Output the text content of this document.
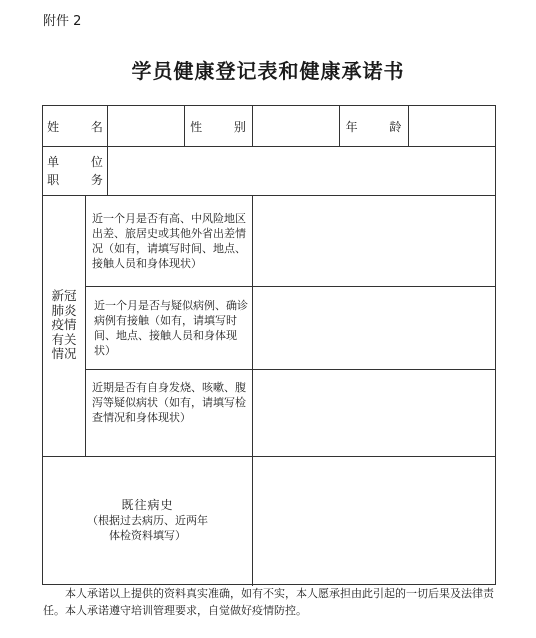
附件 2
学员健康登记表和健康承诺书
姓 名	性 别	年 龄
单 位
职 务
新冠肺炎疫情有关情况
近一个月是否有高、中风险地区出差、旅居史或其他外省出差情况（如有，请填写时间、地点、接触人员和身体现状）
近一个月是否与疑似病例、确诊病例有接触（如有，请填写时间、地点、接触人员和身体现状）
近期是否有自身发烧、咳嗽、腹泻等疑似病状（如有，请填写检查情况和身体现状）
既往病史
（根据过去病历、近两年
体检资料填写）
本人承诺以上提供的资料真实准确，如有不实，本人愿承担由此引起的一切后果及法律责任。本人承诺遵守培训管理要求，自觉做好疫情防控。
